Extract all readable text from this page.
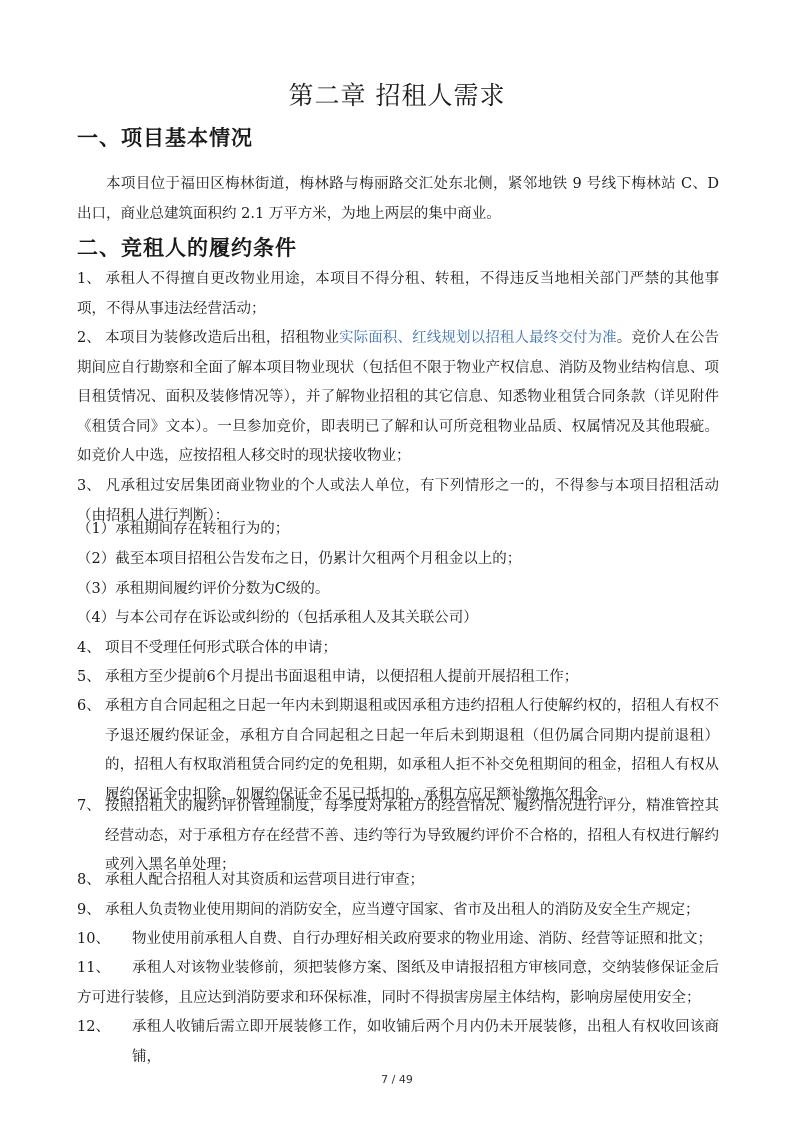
第二章 招租人需求
一、项目基本情况
本项目位于福田区梅林街道，梅林路与梅丽路交汇处东北侧，紧邻地铁 9 号线下梅林站 C、D 出口，商业总建筑面积约 2.1 万平方米，为地上两层的集中商业。
二、竞租人的履约条件
1、 承租人不得擅自更改物业用途，本项目不得分租、转租，不得违反当地相关部门严禁的其他事项，不得从事违法经营活动；
2、 本项目为装修改造后出租，招租物业实际面积、红线规划以招租人最终交付为准。竞价人在公告期间应自行勘察和全面了解本项目物业现状（包括但不限于物业产权信息、消防及物业结构信息、项目租赁情况、面积及装修情况等），并了解物业招租的其它信息、知悉物业租赁合同条款（详见附件《租赁合同》文本）。一旦参加竞价，即表明已了解和认可所竞租物业品质、权属情况及其他瑕疵。如竞价人中选，应按招租人移交时的现状接收物业；
3、 凡承租过安居集团商业物业的个人或法人单位，有下列情形之一的，不得参与本项目招租活动（由招租人进行判断）：
（1）承租期间存在转租行为的；
（2）截至本项目招租公告发布之日，仍累计欠租两个月租金以上的；
（3）承租期间履约评价分数为C级的。
（4）与本公司存在诉讼或纠纷的（包括承租人及其关联公司）
4、 项目不受理任何形式联合体的申请；
5、 承租方至少提前6个月提出书面退租申请，以便招租人提前开展招租工作；
6、 承租方自合同起租之日起一年内未到期退租或因承租方违约招租人行使解约权的，招租人有权不予退还履约保证金，承租方自合同起租之日起一年后未到期退租（但仍属合同期内提前退租）的，招租人有权取消租赁合同约定的免租期，如承租人拒不补交免租期间的租金，招租人有权从履约保证金中扣除，如履约保证金不足已抵扣的，承租方应足额补缴拖欠租金。
7、 按照招租人的履约评价管理制度，每季度对承租方的经营情况、履约情况进行评分，精准管控其经营动态，对于承租方存在经营不善、违约等行为导致履约评价不合格的，招租人有权进行解约或列入黑名单处理；
8、 承租人配合招租人对其资质和运营项目进行审查；
9、 承租人负责物业使用期间的消防安全，应当遵守国家、省市及出租人的消防及安全生产规定；
10、 物业使用前承租人自费、自行办理好相关政府要求的物业用途、消防、经营等证照和批文；
11、 承租人对该物业装修前，须把装修方案、图纸及申请报招租方审核同意，交纳装修保证金后方可进行装修，且应达到消防要求和环保标准，同时不得损害房屋主体结构，影响房屋使用安全；
12、 承租人收铺后需立即开展装修工作，如收铺后两个月内仍未开展装修，出租人有权收回该商铺，
7 / 49
